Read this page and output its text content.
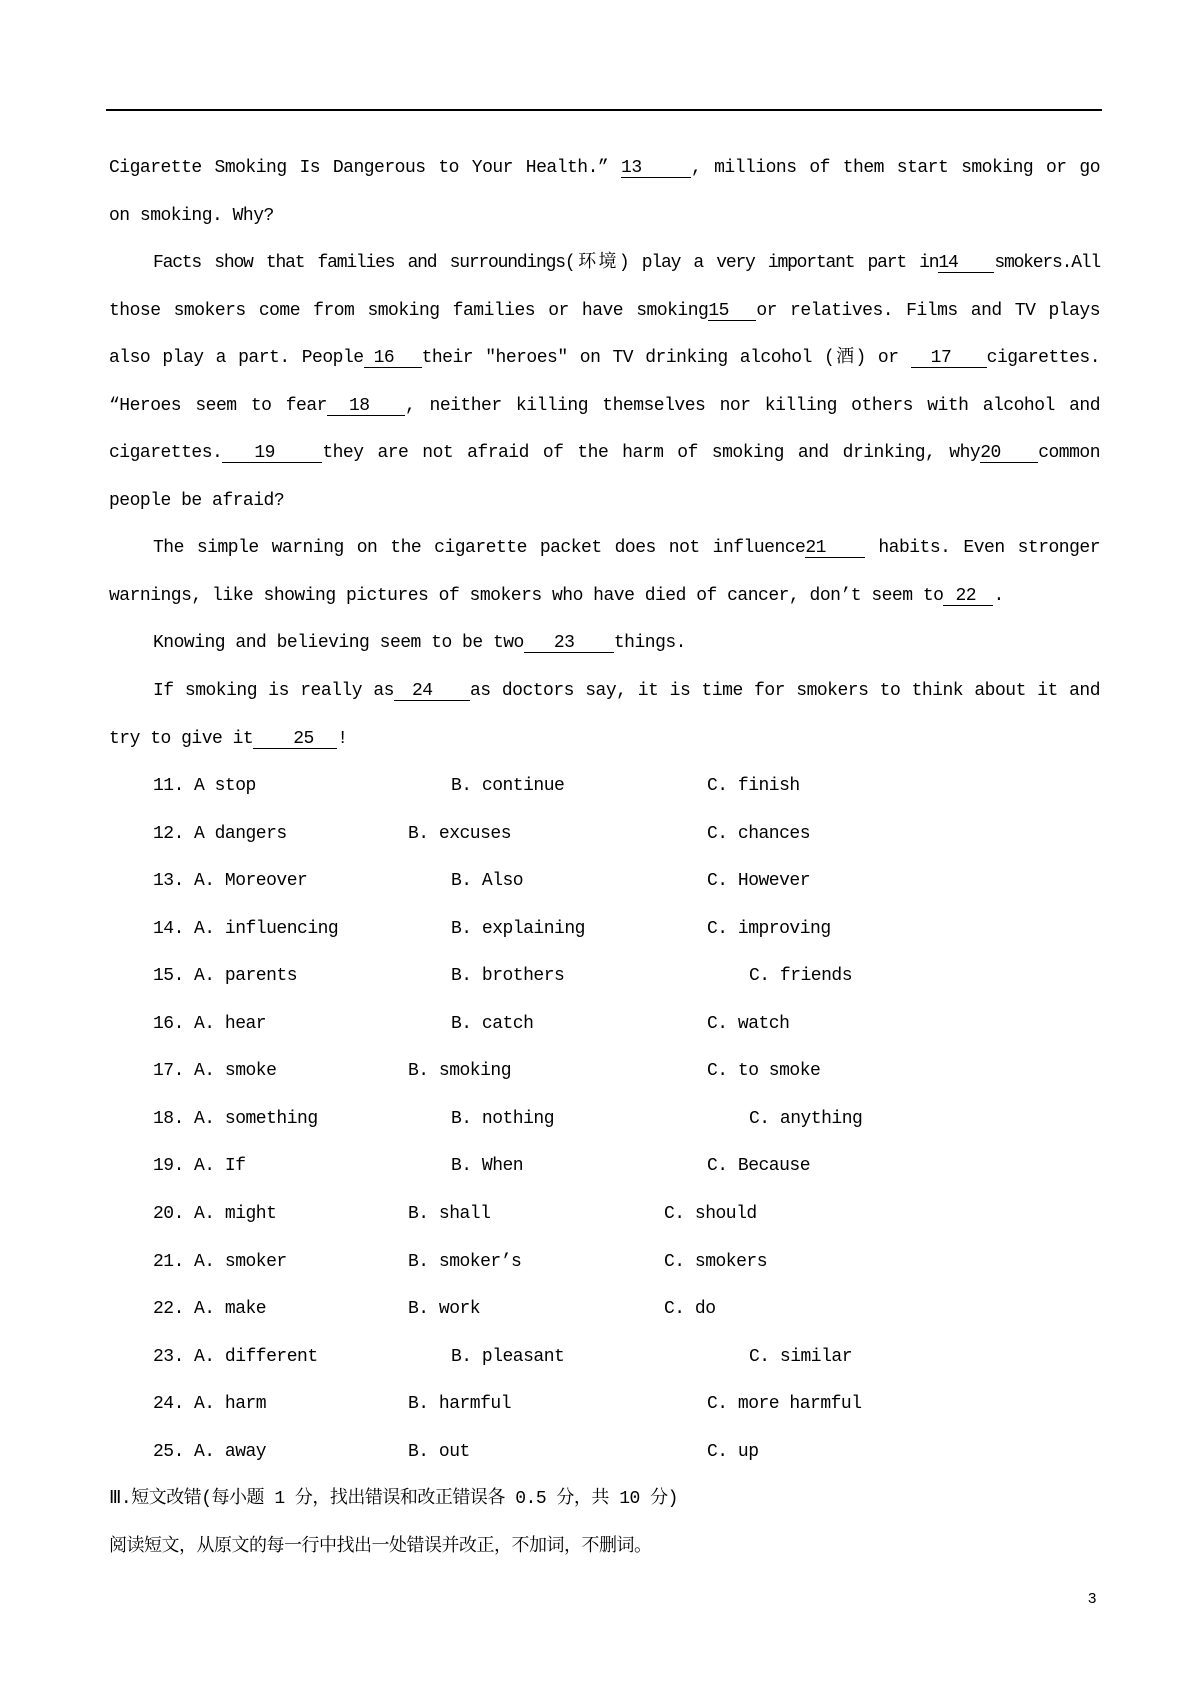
Cigarette Smoking Is Dangerous to Your Health.” 13	, millions of them start smoking or go
on smoking. Why?
Facts show that families and surroundings(环境) play a very important part in14 smokers.All
those smokers come from smoking families or have smoking15 or relatives. Films and TV plays
also play a part. People 16 their ″heroes″ on TV drinking alcohol (酒) or 17 cigarettes.
“Heroes seem to fear 18 , neither killing themselves nor killing others with alcohol and
cigarettes. 19	they are not afraid of the harm of smoking and drinking, why20 common
people be afraid?
The simple warning on the cigarette packet does not influence21 habits. Even stronger
warnings, like showing pictures of smokers who have died of cancer, don’t seem to 22 .
Knowing and believing seem to be two 23 things.
If smoking is really as 24 as doctors say, it is time for smokers to think about it and
try to give it 25 !
11. A stop	B. continue	C. finish
12. A dangers	B. excuses	C. chances
13. A. Moreover	B. Also	C. However
14. A. influencing	B. explaining	C. improving
15. A. parents	B. brothers	C. friends
16. A. hear	B. catch	C. watch
17. A. smoke	B. smoking	C. to smoke
18. A. something	B. nothing	C. anything
19. A. If	B. When	C. Because
20. A. might	B. shall	C. should
21. A. smoker	B. smoker’s	C. smokers
22. A. make	B. work	C. do
23. A. different	B. pleasant	C. similar
24. A. harm	B. harmful	C. more harmful
25. A. away	B. out	C. up
Ⅲ.短文改错(每小题 1 分，找出错误和改正错误各 0.5 分，共 10 分)
阅读短文，从原文的每一行中找出一处错误并改正，不加词，不删词。
3
